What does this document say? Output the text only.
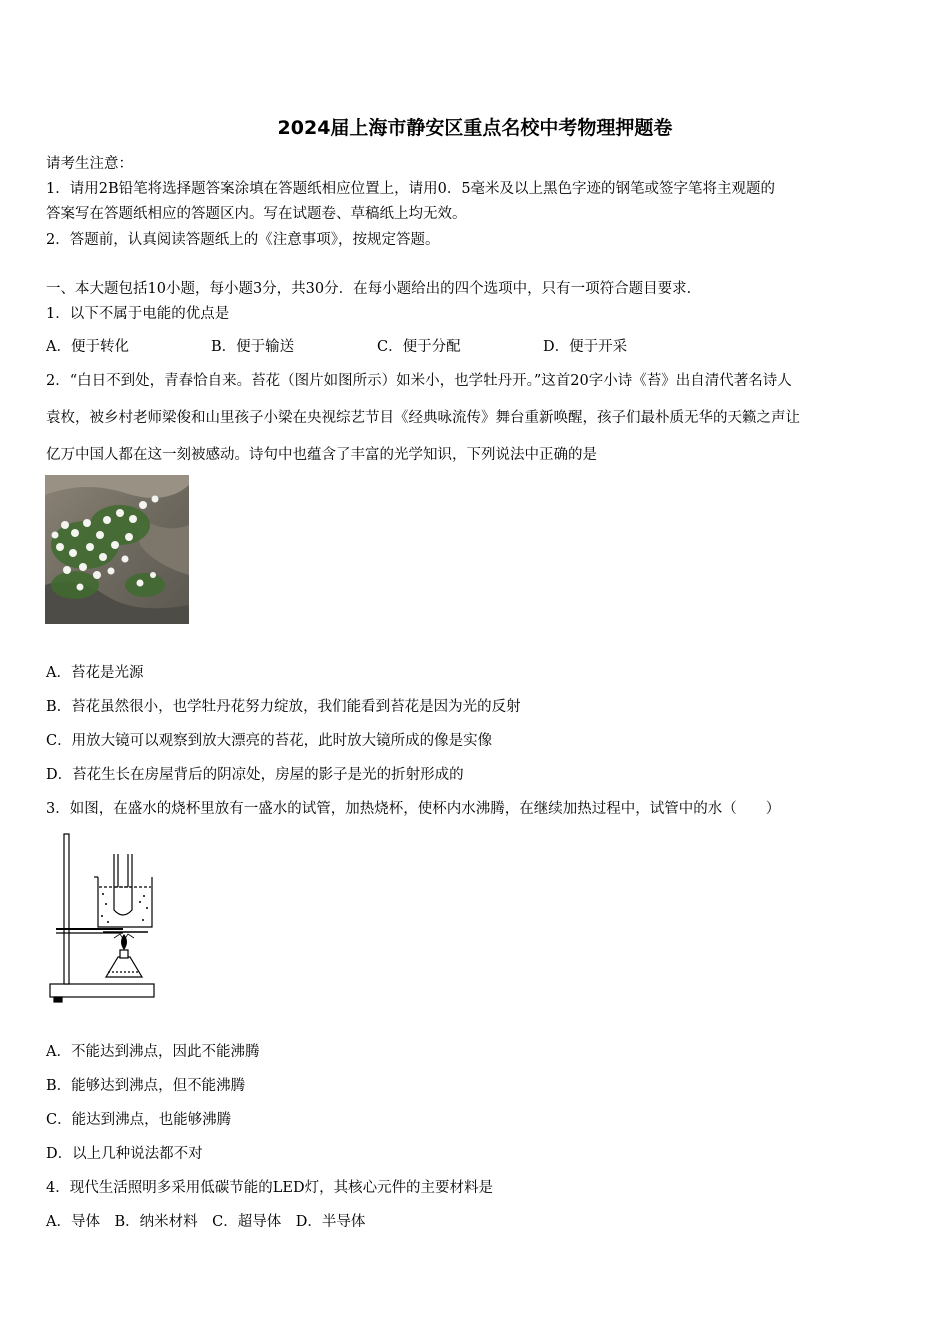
2024届上海市静安区重点名校中考物理押题卷
请考生注意：
1．请用2B铅笔将选择题答案涂填在答题纸相应位置上，请用0．5毫米及以上黑色字迹的钢笔或签字笔将主观题的
答案写在答题纸相应的答题区内。写在试题卷、草稿纸上均无效。
2．答题前，认真阅读答题纸上的《注意事项》，按规定答题。
一、本大题包括10小题，每小题3分，共30分．在每小题给出的四个选项中，只有一项符合题目要求．
1．以下不属于电能的优点是
A．便于转化	B．便于输送	C．便于分配	D．便于开采
2．“白日不到处，青春恰自来。苔花（图片如图所示）如米小，也学牡丹开。”这首20字小诗《苔》出自清代著名诗人
袁枚，被乡村老师梁俊和山里孩子小梁在央视综艺节目《经典咏流传》舞台重新唤醒，孩子们最朴质无华的天籁之声让
亿万中国人都在这一刻被感动。诗句中也蕴含了丰富的光学知识，下列说法中正确的是
A．苔花是光源
B．苔花虽然很小，也学牡丹花努力绽放，我们能看到苔花是因为光的反射
C．用放大镜可以观察到放大漂亮的苔花，此时放大镜所成的像是实像
D．苔花生长在房屋背后的阴凉处，房屋的影子是光的折射形成的
3．如图，在盛水的烧杯里放有一盛水的试管，加热烧杯，使杯内水沸腾，在继续加热过程中，试管中的水（　　）
A．不能达到沸点，因此不能沸腾
B．能够达到沸点，但不能沸腾
C．能达到沸点，也能够沸腾
D．以上几种说法都不对
4．现代生活照明多采用低碳节能的LED灯，其核心元件的主要材料是
A．导体　B．纳米材料　C．超导体　D．半导体
